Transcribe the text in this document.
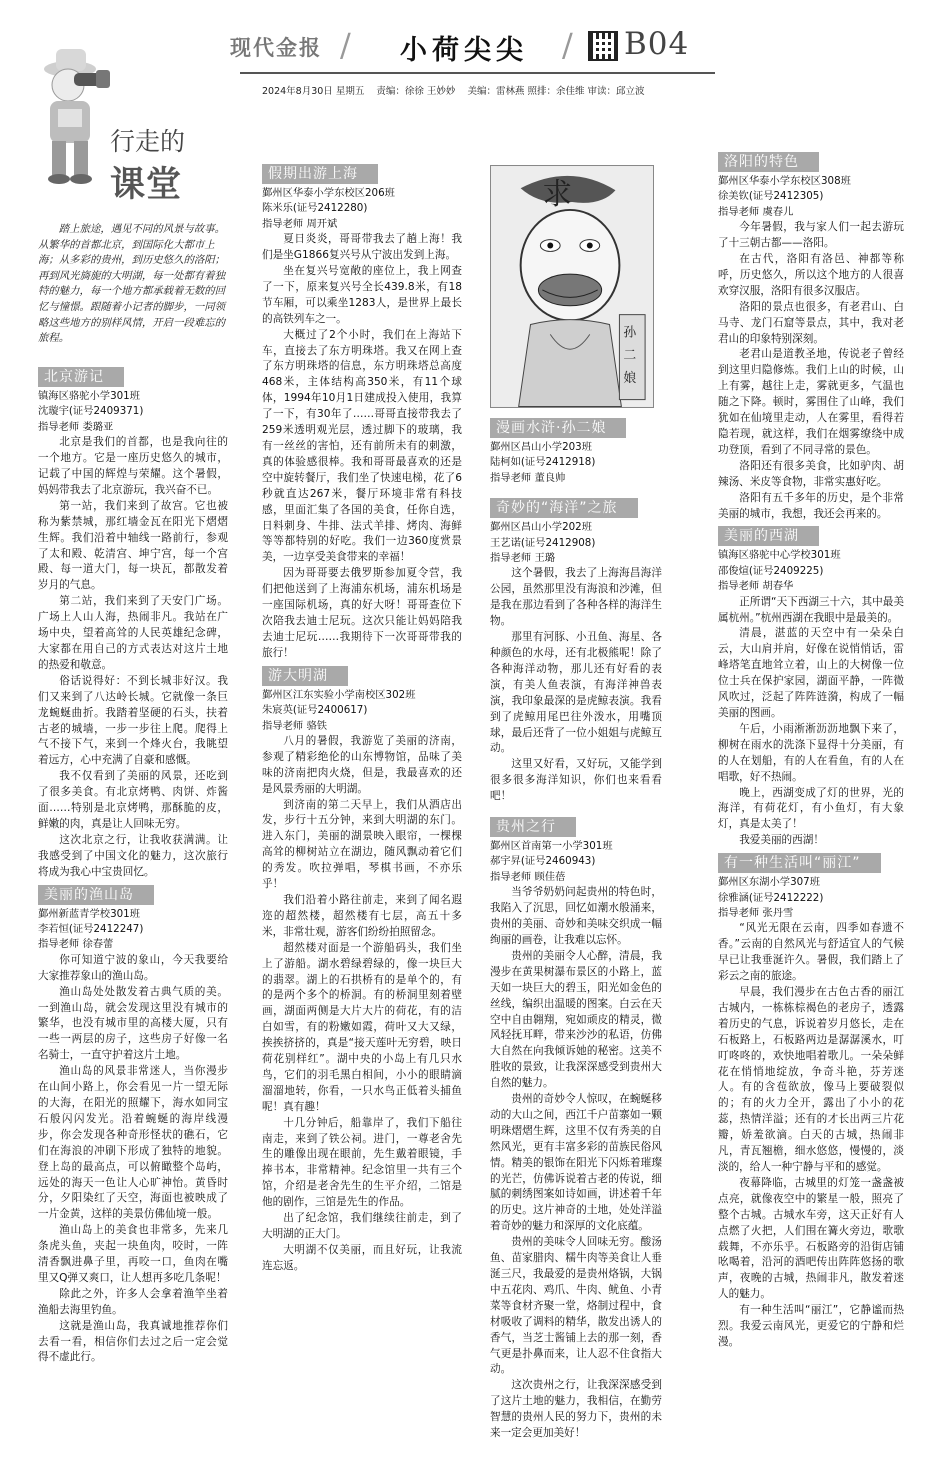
现代金报 / 小荷尖尖 / B04
2024年8月30日 星期五 责编：徐徐 王妙妙 美编：雷林燕 照排：余佳维 审读：邱立波
行走的
课堂
踏上旅途，遇见不同的风景与故事。从繁华的首都北京，到国际化大都市上海；从多彩的贵州，到历史悠久的洛阳；再到风光旖旎的大明湖，每一处都有着独特的魅力，每一个地方都承载着无数的回忆与憧憬。跟随着小记者的脚步，一同领略这些地方的别样风情，开启一段难忘的旅程。
北京游记
镇海区骆驼小学301班
沈璇宇(证号2409371)
指导老师 娄璐亚

北京是我们的首都，也是我向往的一个地方。它是一座历史悠久的城市，记载了中国的辉煌与荣耀。这个暑假，妈妈带我去了北京游玩，我兴奋不已。

第一站，我们来到了故宫。它也被称为紫禁城，那红墙金瓦在阳光下熠熠生辉。我们沿着中轴线一路前行，参观了太和殿、乾清宫、坤宁宫，每一个宫殿、每一道大门，每一块瓦，都散发着岁月的气息。

第二站，我们来到了天安门广场。广场上人山人海，热闹非凡。我站在广场中央，望着高耸的人民英雄纪念碑，大家都在用自己的方式表达对这片土地的热爱和敬意。

俗话说得好：不到长城非好汉。我们又来到了八达岭长城。它就像一条巨龙蜿蜒曲折。我踏着坚硬的石头，扶着古老的城墙，一步一步往上爬。爬得上气不接下气，来到一个烽火台，我眺望着远方，心中充满了自豪和感慨。

我不仅看到了美丽的风景，还吃到了很多美食。有北京烤鸭、肉饼、炸酱面……特别是北京烤鸭，那酥脆的皮，鲜嫩的肉，真是让人回味无穷。

这次北京之行，让我收获满满。让我感受到了中国文化的魅力，这次旅行将成为我心中宝贵回忆。

美丽的渔山岛
鄞州新蓝青学校301班
李若恒(证号2412247)
指导老师 徐春蕾

你可知道宁波的象山，今天我要给大家推荐象山的渔山岛。

渔山岛处处散发着古典气质的美。一到渔山岛，就会发现这里没有城市的繁华，也没有城市里的高楼大厦，只有一些一两层的房子，这些房子好像一名名骑士，一直守护着这片土地。

渔山岛的风景非常迷人，当你漫步在山间小路上，你会看见一片一望无际的大海，在阳光的照耀下，海水如同宝石般闪闪发光。沿着蜿蜒的海岸线漫步，你会发现各种奇形怪状的礁石，它们在海浪的冲刷下形成了独特的地貌。登上岛的最高点，可以俯瞰整个岛屿，远处的海天一色让人心旷神怡。黄昏时分，夕阳染红了天空，海面也被映成了一片金黄，这样的美景仿佛仙境一般。

渔山岛上的美食也非常多，先来几条虎头鱼，夹起一块鱼肉，咬时，一阵清香飘进鼻子里，再咬一口，鱼肉在嘴里又Q弹又爽口，让人想再多吃几条呢！

除此之外，许多人会拿着渔竿坐着渔船去海里钓鱼。

这就是渔山岛，我真诚地推荐你们去看一看，相信你们去过之后一定会觉得不虚此行。

假期出游上海
鄞州区华泰小学东校区206班
陈米乐(证号2412280)
指导老师 周开斌

夏日炎炎，哥哥带我去了趟上海！我们是坐G1866复兴号从宁波出发到上海。

坐在复兴号宽敞的座位上，我上网查了一下，原来复兴号全长439.8米，有18节车厢，可以乘坐1283人，是世界上最长的高铁列车之一。

大概过了2个小时，我们在上海站下车，直接去了东方明珠塔。我又在网上查了东方明珠塔的信息，东方明珠塔总高度468米，主体结构高350米，有11个球体，1994年10月1日建成投入使用，我算了一下，有30年了……哥哥直接带我去了259米透明观光层，透过脚下的玻璃，我有一丝丝的害怕，还有前所未有的刺激，真的体验感很棒。我和哥哥最喜欢的还是空中旋转餐厅，我们坐了快速电梯，花了6秒就直达267米，餐厅环境非常有科技感，里面汇集了各国的美食，任你自选，日料刺身、牛排、法式羊排、烤肉、海鲜等等都特别的好吃。我们一边360度赏景美，一边享受美食带来的幸福！

因为哥哥要去俄罗斯参加夏令营，我们把他送到了上海浦东机场，浦东机场是一座国际机场，真的好大呀！哥哥查位下次陪我去迪士尼玩。这次只能让妈妈陪我去迪士尼玩……我期待下一次哥哥带我的旅行！

游大明湖
鄞州区江东实验小学南校区302班
朱宸英(证号2400617)
指导老师 骆铁

八月的暑假，我游览了美丽的济南，参观了精彩绝伦的山东博物馆，品味了美味的济南把肉火烧，但是，我最喜欢的还是风景秀丽的大明湖。

到济南的第二天早上，我们从酒店出发，步行十五分钟，来到大明湖的东门。进入东门，美丽的湖景映入眼帘，一棵棵高耸的柳树站立在湖边，随风飘动着它们的秀发。吹拉弹唱，琴棋书画，不亦乐乎！

我们沿着小路往前走，来到了闻名遐迩的超然楼，超然楼有七层，高五十多米，非常壮观，游客们纷纷拍照留念。

超然楼对面是一个游船码头，我们坐上了游船。湖水碧绿碧绿的，像一块巨大的翡翠。湖上的石拱桥有的是单个的，有的是两个多个的桥洞。有的桥洞里刻着壁画，湖面两侧是大片大片的荷花，有的洁白如雪，有的粉嫩如霞，荷叶又大又绿，挨挨挤挤的，真是“接天莲叶无穷碧，映日荷花别样红”。湖中央的小岛上有几只水鸟，它们的羽毛黑白相间，小小的眼睛滴溜溜地转，你看，一只水鸟正低着头捕鱼呢！真有趣！

十几分钟后，船靠岸了，我们下船往南走，来到了铁公祠。进门，一尊老舍先生的雕像出现在眼前，先生戴着眼镜，手捧书本，非常精神。纪念馆里一共有三个馆，介绍是老舍先生的生平介绍，二馆是他的剧作，三馆是先生的作品。

出了纪念馆，我们继续往前走，到了大明湖的正大门。

大明湖不仅美丽，而且好玩，让我流连忘返。

求
孙
二
娘
漫画水浒·孙二娘
鄞州区昌山小学203班
陆柯如(证号2412918)
指导老师 董良帅
奇妙的“海洋”之旅
鄞州区昌山小学202班
王艺诺(证号2412908)
指导老师 王璐

这个暑假，我去了上海海昌海洋公园，虽然那里没有海浪和沙滩，但是我在那边看到了各种各样的海洋生物。

那里有河豚、小丑鱼、海星、各种颜色的水母，还有北极熊呢！除了各种海洋动物，那儿还有好看的表演，有美人鱼表演，有海洋神兽表演，我印象最深的是虎鲸表演。我看到了虎鲸用尾巴往外泼水，用嘴顶球，最后还背了一位小姐姐与虎鲸互动。

这里又好看，又好玩，又能学到很多很多海洋知识，你们也来看看吧！

贵州之行
鄞州区首南第一小学301班
郝宇昇(证号2460943)
指导老师 顾佳蓓

当爷爷奶奶问起贵州的特色时，我陷入了沉思，回忆如潮水般涌来，贵州的美丽、奇妙和美味交织成一幅绚丽的画卷，让我难以忘怀。

贵州的美丽令人心醉，清晨，我漫步在黄果树瀑布景区的小路上，蓝天如一块巨大的碧玉，阳光如金色的丝线，编织出温暖的图案。白云在天空中自由翱翔，宛如顽皮的精灵，微风轻抚耳畔，带来沙沙的私语，仿佛大自然在向我倾诉她的秘密。这美不胜收的景致，让我深深感受到贵州大自然的魅力。

贵州的奇妙令人惊叹，在蜿蜒移动的大山之间，西江千户苗寨如一颗明珠熠熠生辉，这里不仅有秀美的自然风光，更有丰富多彩的苗族民俗风情。精美的银饰在阳光下闪烁着璀璨的光芒，仿佛诉说着古老的传说，细腻的刺绣图案如诗如画，讲述着千年的历史。这片神奇的土地，处处洋溢着奇妙的魅力和深厚的文化底蕴。

贵州的美味令人回味无穷。酸汤鱼、苗家腊肉、糯牛肉等美食让人垂涎三尺，我最爱的是贵州烙锅，大锅中五花肉、鸡爪、牛肉、鱿鱼、小青菜等食材齐聚一堂，烙制过程中，食材吸收了调料的精华，散发出诱人的香气，当芝士酱铺上去的那一刻，香气更是扑鼻而来，让人忍不住食指大动。

这次贵州之行，让我深深感受到了这片土地的魅力，我相信，在勤劳智慧的贵州人民的努力下，贵州的未来一定会更加美好！

洛阳的特色
鄞州区华泰小学东校区308班
徐美钦(证号2412305)
指导老师 虞春儿

今年暑假，我与家人们一起去游玩了十三朝古都——洛阳。

在古代，洛阳有洛邑、神都等称呼，历史悠久，所以这个地方的人很喜欢穿汉服，洛阳有很多汉服店。

洛阳的景点也很多，有老君山、白马寺、龙门石窟等景点，其中，我对老君山的印象特别深刻。

老君山是道教圣地，传说老子曾经到这里归隐修炼。我们上山的时候，山上有雾，越往上走，雾就更多，气温也随之下降。顿时，雾围住了山峰，我们犹如在仙境里走动，人在雾里，看得若隐若现，就这样，我们在烟雾缭绕中成功登顶，看到了不同寻常的景色。

洛阳还有很多美食，比如驴肉、胡辣汤、米皮等食物，非常实惠好吃。

洛阳有五千多年的历史，是个非常美丽的城市，我想，我还会再来的。

美丽的西湖
镇海区骆驼中心学校301班
邵俊煊(证号2409225)
指导老师 胡春华

正所谓“天下西湖三十六，其中最美属杭州。”杭州西湖在我眼中是最美的。

清晨，湛蓝的天空中有一朵朵白云，大山肩并肩，好像在说悄悄话，雷峰塔笔直地耸立着，山上的大树像一位位士兵在保护家园，湖面平静，一阵微风吹过，泛起了阵阵涟漪，构成了一幅美丽的图画。

午后，小雨淅淅沥沥地飘下来了，柳树在雨水的洗涤下显得十分美丽，有的人在划船，有的人在看鱼，有的人在唱歌，好不热闹。

晚上，西湖变成了灯的世界，光的海洋，有荷花灯，有小鱼灯，有大象灯，真是太美了！

我爱美丽的西湖！

有一种生活叫“丽江”
鄞州区东湖小学307班
徐雅涵(证号2412222)
指导老师 张丹雪

“风光无限在云南，四季如春遗不香。”云南的自然风光与舒适宜人的气候早已让我垂涎许久。暑假，我们踏上了彩云之南的旅途。

早晨，我们漫步在古色古香的丽江古城内，一栋栋棕褐色的老房子，透露着历史的气息，诉说着岁月悠长，走在石板路上，石板路两边是潺潺溪水，叮叮咚咚的，欢快地唱着歌儿。一朵朵鲜花在悄悄地绽放，争奇斗艳，芬芳迷人。有的含苞欲放，像马上要破裂似的；有的火力全开，露出了小小的花蕊，热情洋溢；还有的才长出两三片花瓣，娇羞欲滴。白天的古城，热闹非凡，青瓦翘檐，细水悠悠，慢慢的，淡淡的，给人一种宁静与平和的感觉。

夜幕降临，古城里的灯笼一盏盏被点亮，就像夜空中的繁星一般，照亮了整个古城。古城水车旁，这天正好有人点燃了火把，人们围在篝火旁边，歌歌载舞，不亦乐乎。石板路旁的沿街店铺吆喝着，沿河的酒吧传出阵阵悠扬的歌声，夜晚的古城，热闹非凡，散发着迷人的魅力。

有一种生活叫“丽江”，它静谧而热烈。我爱云南风光，更爱它的宁静和烂漫。
